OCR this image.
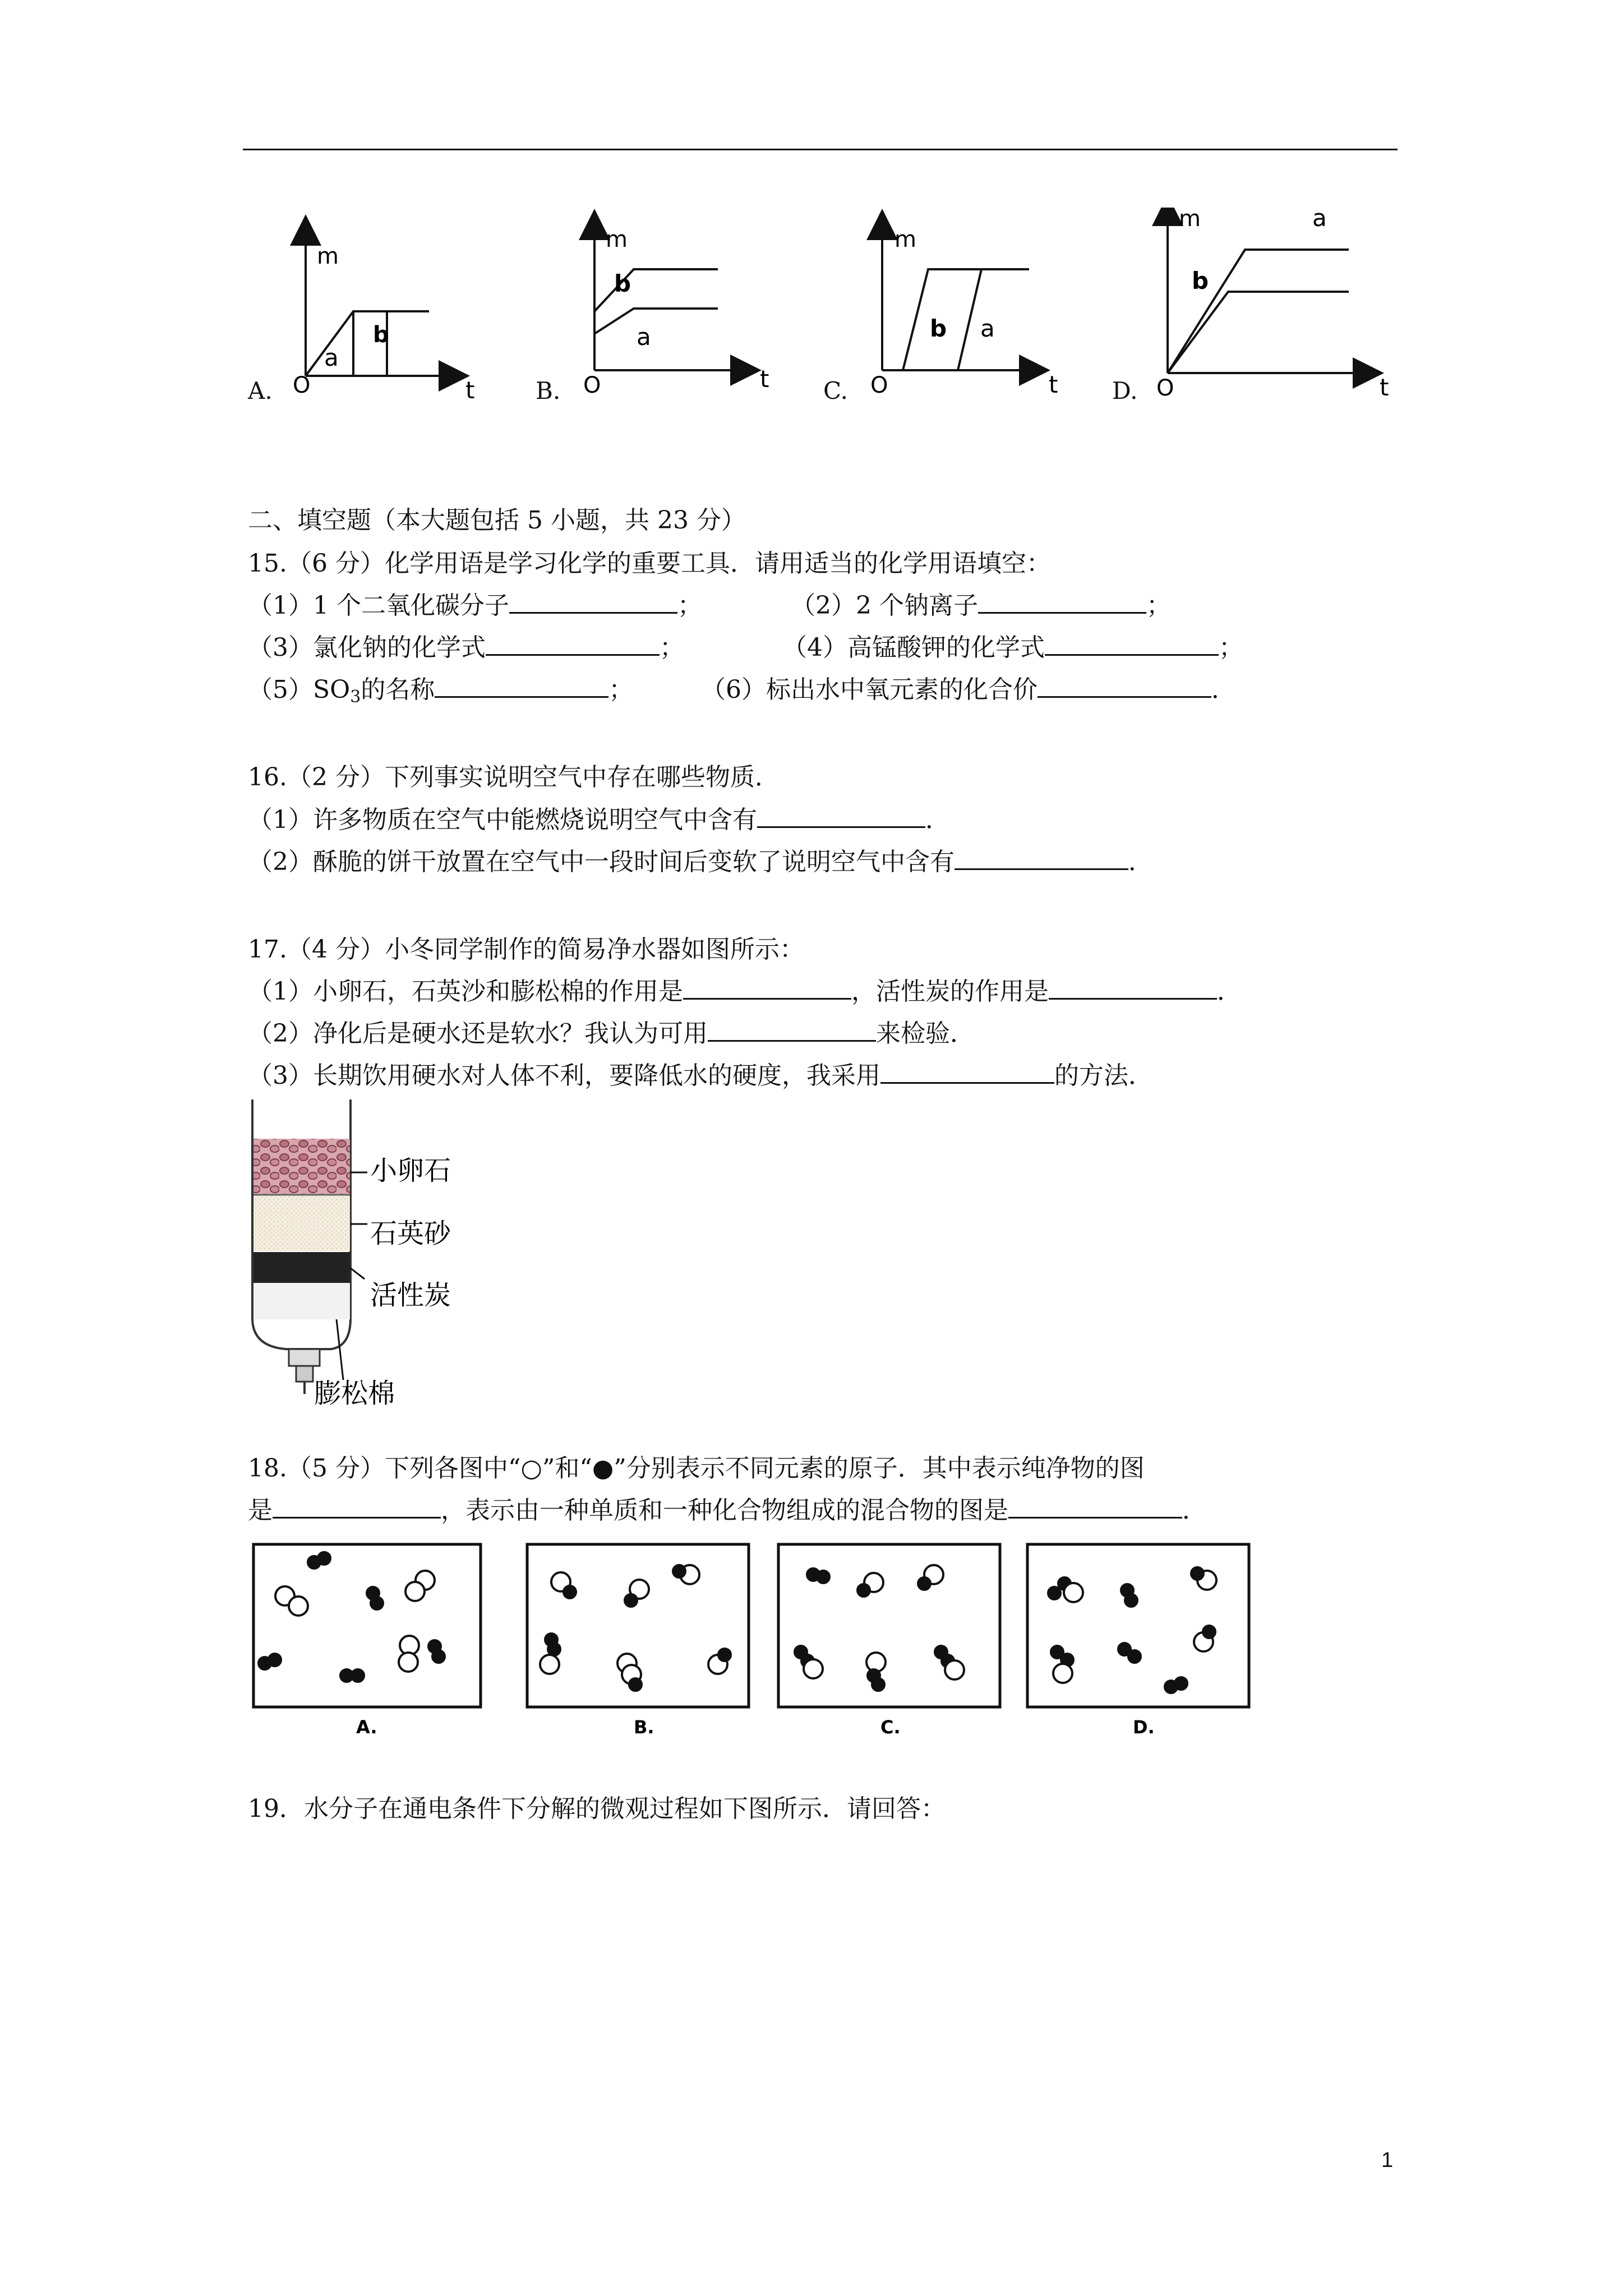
m
a
b
O	t
m
b
a
O	t
m
b a
O	t
m
b
a
O	t
A.	B.	C.	D.
二、填空题（本大题包括 5 小题，共 23 分）
15.（6 分）化学用语是学习化学的重要工具．请用适当的化学用语填空：
（1）1 个二氧化碳分子	；	（2）2 个钠离子	；
（3）氯化钠的化学式	；	（4）高锰酸钾的化学式	；
$(5)SO_3$的名称	；	（6）标出水中氧元素的化合价	．
16.（2 分）下列事实说明空气中存在哪些物质．
（1）许多物质在空气中能燃烧说明空气中含有	．
（2）酥脆的饼干放置在空气中一段时间后变软了说明空气中含有	．
17.（4 分）小冬同学制作的简易净水器如图所示：
（1）小卵石，石英沙和膨松棉的作用是	，活性炭的作用是	．
（2）净化后是硬水还是软水？我认为可用	来检验．
（3）长期饮用硬水对人体不利，要降低水的硬度，我采用	的方法．
小卵石
石英砂
活性炭
膨松棉
18.（5 分）下列各图中“○”和“●”分别表示不同元素的原子．其中表示纯净物的图
是	，表示由一种单质和一种化合物组成的混合物的图是	．
A.	B.	C.	D.
19．水分子在通电条件下分解的微观过程如下图所示．请回答：
1
